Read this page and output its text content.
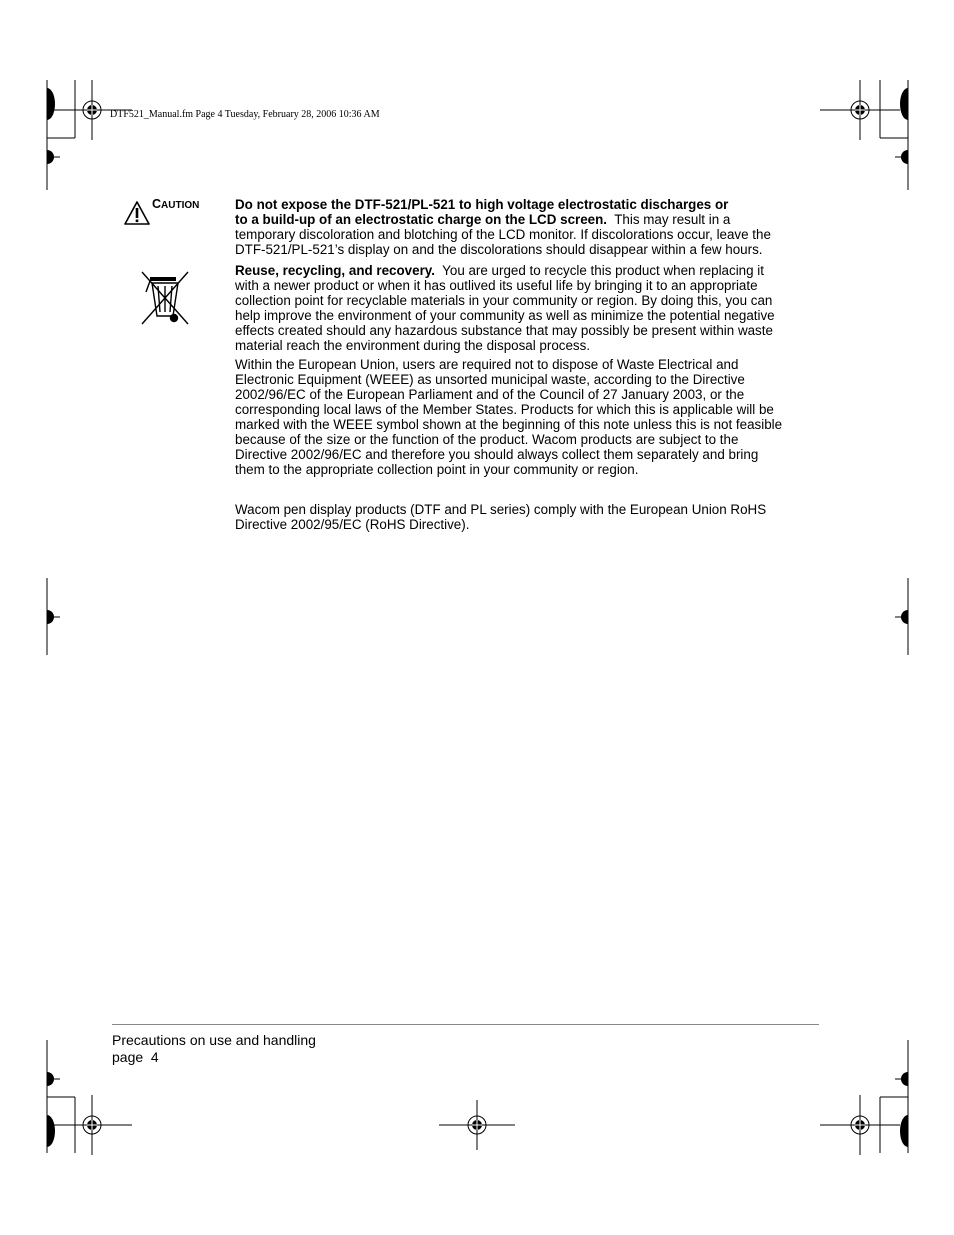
DTF521_Manual.fm Page 4 Tuesday, February 28, 2006 10:36 AM
CAUTION	Do not expose the DTF-521/PL-521 to high voltage electrostatic discharges or
to a build-up of an electrostatic charge on the LCD screen.  This may result in a
temporary discoloration and blotching of the LCD monitor. If discolorations occur, leave the
DTF-521/PL-521’s display on and the discolorations should disappear within a few hours.
Reuse, recycling, and recovery.  You are urged to recycle this product when replacing it
with a newer product or when it has outlived its useful life by bringing it to an appropriate
collection point for recyclable materials in your community or region. By doing this, you can
help improve the environment of your community as well as minimize the potential negative
effects created should any hazardous substance that may possibly be present within waste
material reach the environment during the disposal process.
Within the European Union, users are required not to dispose of Waste Electrical and
Electronic Equipment (WEEE) as unsorted municipal waste, according to the Directive
2002/96/EC of the European Parliament and of the Council of 27 January 2003, or the
corresponding local laws of the Member States. Products for which this is applicable will be
marked with the WEEE symbol shown at the beginning of this note unless this is not feasible
because of the size or the function of the product. Wacom products are subject to the
Directive 2002/96/EC and therefore you should always collect them separately and bring
them to the appropriate collection point in your community or region.
Wacom pen display products (DTF and PL series) comply with the European Union RoHS
Directive 2002/95/EC (RoHS Directive).
Precautions on use and handling
page  4
